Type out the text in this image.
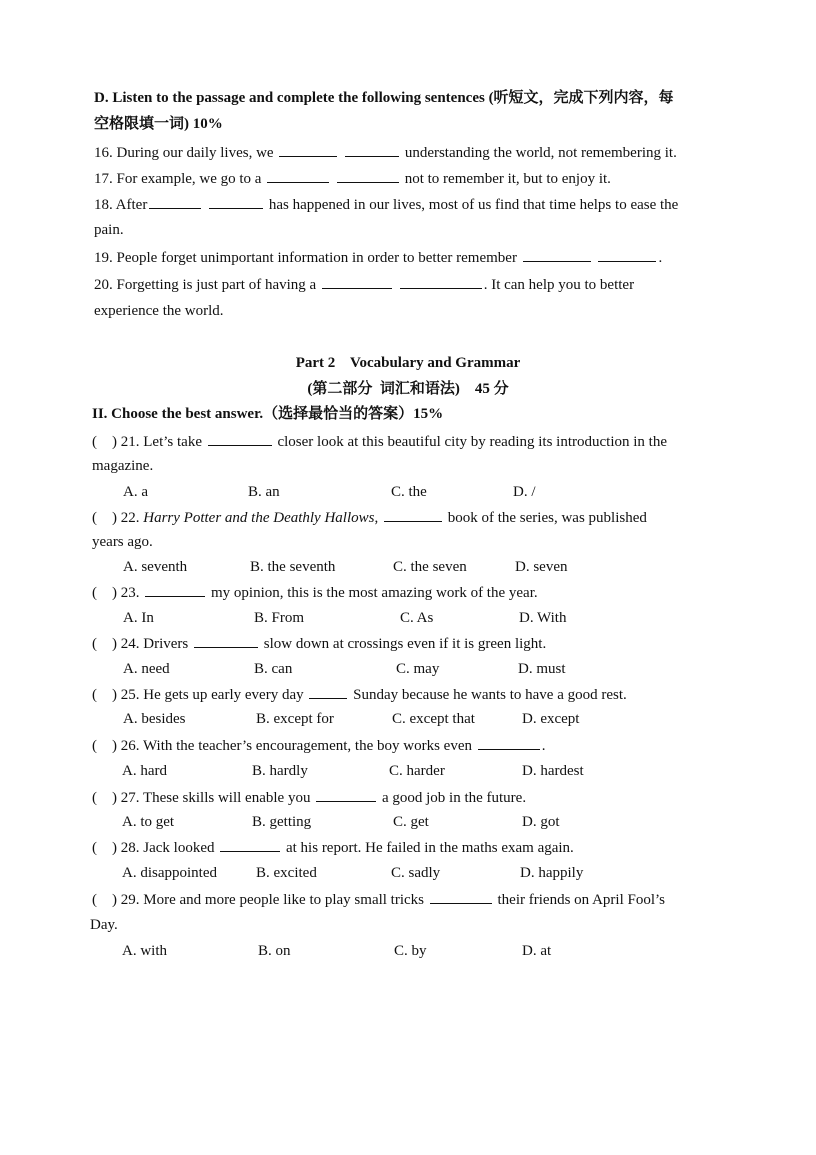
D. Listen to the passage and complete the following sentences (听短文，完成下列内容，每
空格限填一词) 10%
16. During our daily lives, we	understanding the world, not remembering it.
17. For example, we go to a	not to remember it, but to enjoy it.
18. After	has happened in our lives, most of us find that time helps to ease the
pain.
19. People forget unimportant information in order to better remember	.
20. Forgetting is just part of having a	. It can help you to better
experience the world.
Part 2    Vocabulary and Grammar
(第二部分  词汇和语法)    45 分
II. Choose the best answer.（选择最恰当的答案）15%
(    ) 21. Let’s take	closer look at this beautiful city by reading its introduction in the
magazine.
A. a	B. an	C. the	D. /
(    ) 22. Harry Potter and the Deathly Hallows,	book of the series, was published
years ago.
A. seventh	B. the seventh	C. the seven	D. seven
(    ) 23.	my opinion, this is the most amazing work of the year.
A. In	B. From	C. As	D. With
(    ) 24. Drivers	slow down at crossings even if it is green light.
A. need	B. can	C. may	D. must
(    ) 25. He gets up early every day	Sunday because he wants to have a good rest.
A. besides	B. except for	C. except that	D. except
(    ) 26. With the teacher’s encouragement, the boy works even	.
A. hard	B. hardly	C. harder	D. hardest
(    ) 27. These skills will enable you	a good job in the future.
A. to get	B. getting	C. get	D. got
(    ) 28. Jack looked	at his report. He failed in the maths exam again.
A. disappointed	B. excited	C. sadly	D. happily
(    ) 29. More and more people like to play small tricks	their friends on April Fool’s
Day.
A. with	B. on	C. by	D. at
